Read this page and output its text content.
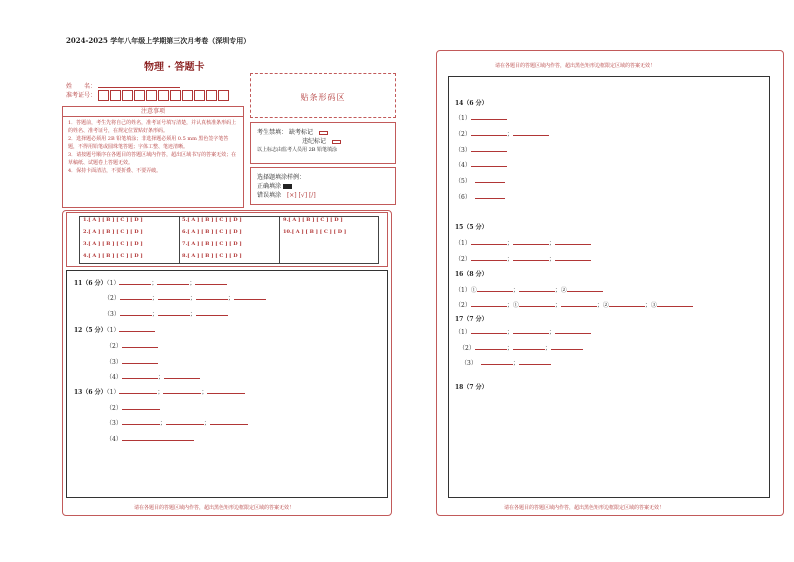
2024-2025 学年八年级上学期第三次月考卷（深圳专用）
物理 · 答题卡
姓　　名：
准考证号：	贴条形码区
注意事项
1．答题前，考生先将自己的姓名，准考证号填写清楚，并认真核准条形码上的姓名、准考证号，在规定位置贴好条形码。
2．选择题必须用 2B 铅笔填涂；非选择题必须用 0.5 mm 黑色签字笔答题，不得用铅笔或圆珠笔答题；字体工整、笔迹清晰。
3．请按题号顺序在各题目的答题区域内作答，超出区域书写的答案无效；在草稿纸、试题卷上答题无效。
4．保持卡面清洁，不要折叠、不要弄破。
考生禁填： 缺考标记
违纪标记
以上标志由监考人员用 2B 铅笔填涂
选择题填涂样例：
正确填涂
错误填涂 [×] [√] [/]
1.[ A ] [ B ] [ C ] [ D ]
2.[ A ] [ B ] [ C ] [ D ]
3.[ A ] [ B ] [ C ] [ D ]
4.[ A ] [ B ] [ C ] [ D ]
5.[ A ] [ B ] [ C ] [ D ]
6.[ A ] [ B ] [ C ] [ D ]
7.[ A ] [ B ] [ C ] [ D ]
8.[ A ] [ B ] [ C ] [ D ]
9.[ A ] [ B ] [ C ] [ D ]
10.[ A ] [ B ] [ C ] [ D ]
11（6 分）（1）	；	；
（2）	；	；	；
（3）	；	；
12（5 分）（1）
（2）
（3）
（4）	；
13（6 分）（1）	；	；
（2）
（3）	；	；
（4）
请在各题目的答题区域内作答，超出黑色矩形边框限定区域的答案无效！
请在各题目的答题区域内作答，超出黑色矩形边框限定区域的答案无效！
14（6 分）
（1）
（2）	；
（3）
（4）
（5）
（6）
15（5 分）
（1）	；	；
（2）	；	；
16（8 分）
（1）①	；	；②
（2）	；①	；	；②	；③
17（7 分）
（1）	；	；
（2）	；	；
（3）	；
18（7 分）
请在各题目的答题区域内作答，超出黑色矩形边框限定区域的答案无效！
